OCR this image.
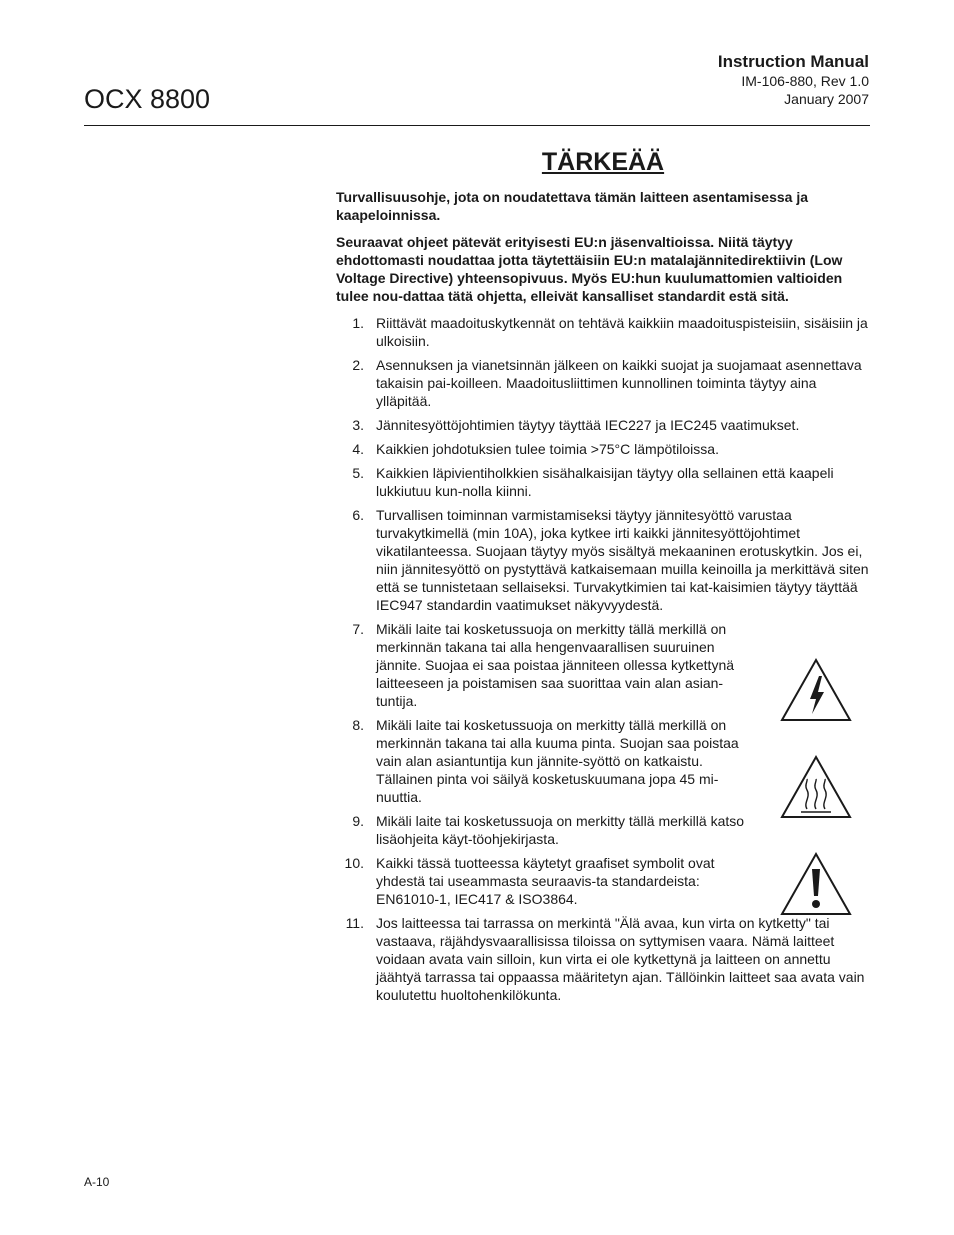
OCX 8800
Instruction Manual
IM-106-880, Rev 1.0
January 2007
TÄRKEÄÄ

Turvallisuusohje, jota on noudatettava tämän laitteen asentamisessa ja kaapeloinnissa.

Seuraavat ohjeet pätevät erityisesti EU:n jäsenvaltioissa. Niitä täytyy ehdottomasti noudattaa jotta täytettäisiin EU:n matalajännitedirektiivin (Low Voltage Directive) yhteensopivuus. Myös EU:hun kuulumattomien valtioiden tulee nou-dattaa tätä ohjetta, elleivät kansalliset standardit estä sitä.

1. Riittävät maadoituskytkennät on tehtävä kaikkiin maadoituspisteisiin, sisäisiin ja ulkoisiin.
2. Asennuksen ja vianetsinnän jälkeen on kaikki suojat ja suojamaat asennettava takaisin pai-koilleen. Maadoitusliittimen kunnollinen toiminta täytyy aina ylläpitää.
3. Jännitesyöttöjohtimien täytyy täyttää IEC227 ja IEC245 vaatimukset.
4. Kaikkien johdotuksien tulee toimia >75°C lämpötiloissa.
5. Kaikkien läpivientiholkkien sisähalkaisijan täytyy olla sellainen että kaapeli lukkiutuu kun-nolla kiinni.
6. Turvallisen toiminnan varmistamiseksi täytyy jännitesyöttö varustaa turvakytkimellä (min 10A), joka kytkee irti kaikki jännitesyöttöjohtimet vikatilanteessa. Suojaan täytyy myös sisältyä mekaaninen erotuskytkin. Jos ei, niin jännitesyöttö on pystyttävä katkaisemaan muilla keinoilla ja merkittävä siten että se tunnistetaan sellaiseksi. Turvakytkimien tai kat-kaisimien täytyy täyttää IEC947 standardin vaatimukset näkyvyydestä.
7. Mikäli laite tai kosketussuoja on merkitty tällä merkillä on merkinnän takana tai alla hengenvaarallisen suuruinen jännite. Suojaa ei saa poistaa jänniteen ollessa kytkettynä laitteeseen ja poistamisen saa suorittaa vain alan asian-tuntija.
8. Mikäli laite tai kosketussuoja on merkitty tällä merkillä on merkinnän takana tai alla kuuma pinta. Suojan saa poistaa vain alan asiantuntija kun jännite-syöttö on katkaistu. Tällainen pinta voi säilyä kosketuskuumana jopa 45 mi-nuuttia.
9. Mikäli laite tai kosketussuoja on merkitty tällä merkillä katso lisäohjeita käyt-töohjekirjasta.
10. Kaikki tässä tuotteessa käytetyt graafiset symbolit ovat yhdestä tai useammasta seuraavis-ta standardeista: EN61010-1, IEC417 & ISO3864.
11. Jos laitteessa tai tarrassa on merkintä "Älä avaa, kun virta on kytketty" tai vastaava, räjähdysvaarallisissa tiloissa on syttymisen vaara. Nämä laitteet voidaan avata vain silloin, kun virta ei ole kytkettynä ja laitteen on annettu jäähtyä tarrassa tai oppaassa määritetyn ajan. Tällöinkin laitteet saa avata vain koulutettu huoltohenkilökunta.
A-10
